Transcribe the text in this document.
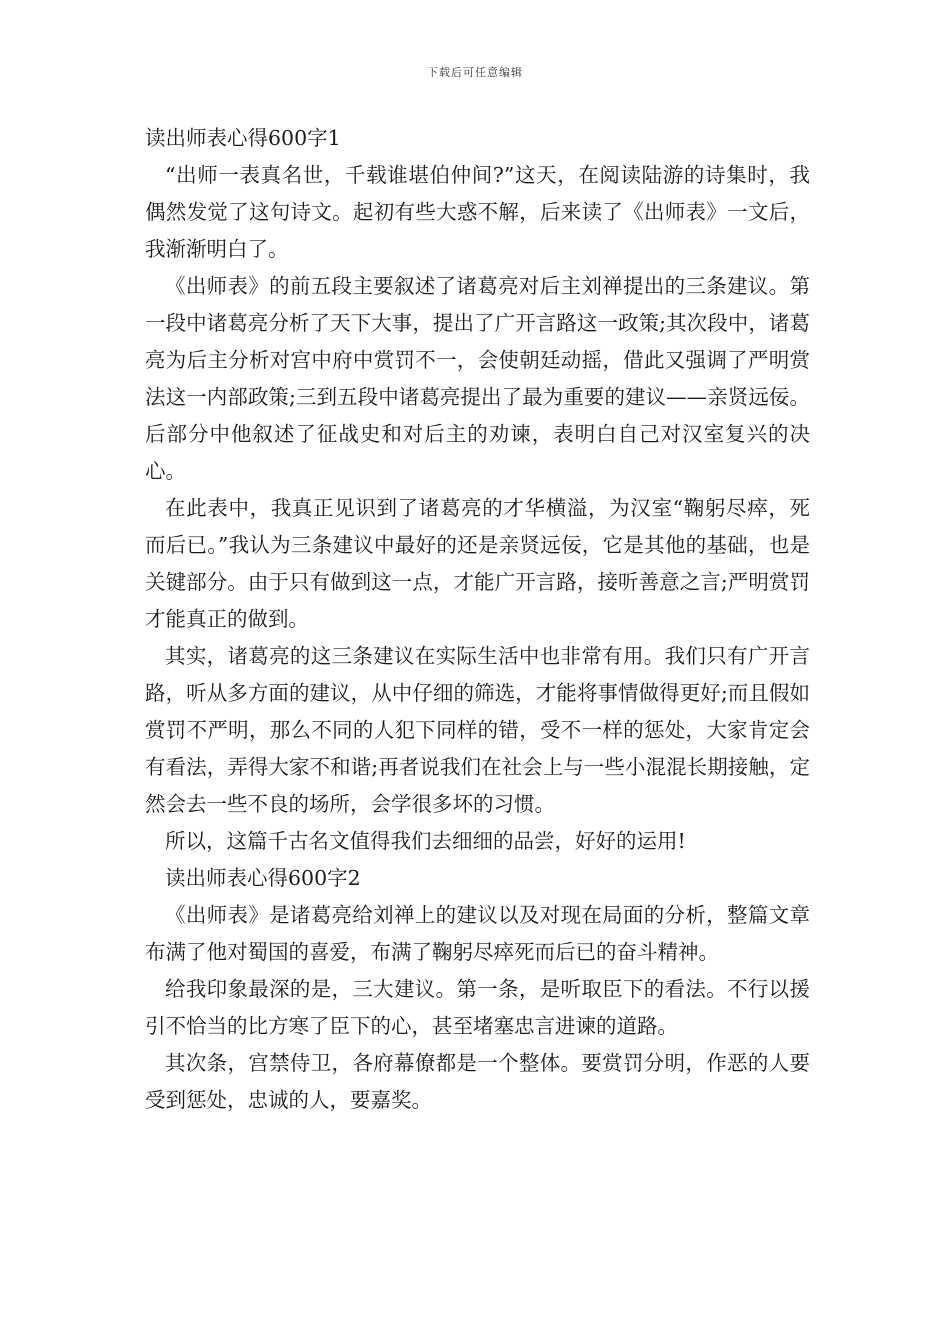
下载后可任意编辑
读出师表心得600字1

“出师一表真名世，千载谁堪伯仲间?”这天，在阅读陆游的诗集时，我偶然发觉了这句诗文。起初有些大惑不解，后来读了《出师表》一文后，我渐渐明白了。

《出师表》的前五段主要叙述了诸葛亮对后主刘禅提出的三条建议。第一段中诸葛亮分析了天下大事，提出了广开言路这一政策;其次段中，诸葛亮为后主分析对宫中府中赏罚不一，会使朝廷动摇，借此又强调了严明赏法这一内部政策;三到五段中诸葛亮提出了最为重要的建议——亲贤远佞。后部分中他叙述了征战史和对后主的劝谏，表明白自己对汉室复兴的决心。

在此表中，我真正见识到了诸葛亮的才华横溢，为汉室“鞠躬尽瘁，死而后已。”我认为三条建议中最好的还是亲贤远佞，它是其他的基础，也是关键部分。由于只有做到这一点，才能广开言路，接听善意之言;严明赏罚才能真正的做到。

其实，诸葛亮的这三条建议在实际生活中也非常有用。我们只有广开言路，听从多方面的建议，从中仔细的筛选，才能将事情做得更好;而且假如赏罚不严明，那么不同的人犯下同样的错，受不一样的惩处，大家肯定会有看法，弄得大家不和谐;再者说我们在社会上与一些小混混长期接触，定然会去一些不良的场所，会学很多坏的习惯。

所以，这篇千古名文值得我们去细细的品尝，好好的运用!

读出师表心得600字2

《出师表》是诸葛亮给刘禅上的建议以及对现在局面的分析，整篇文章布满了他对蜀国的喜爱，布满了鞠躬尽瘁死而后已的奋斗精神。

给我印象最深的是，三大建议。第一条，是听取臣下的看法。不行以援引不恰当的比方寒了臣下的心，甚至堵塞忠言进谏的道路。

其次条，宫禁侍卫，各府幕僚都是一个整体。要赏罚分明，作恶的人要受到惩处，忠诚的人，要嘉奖。
